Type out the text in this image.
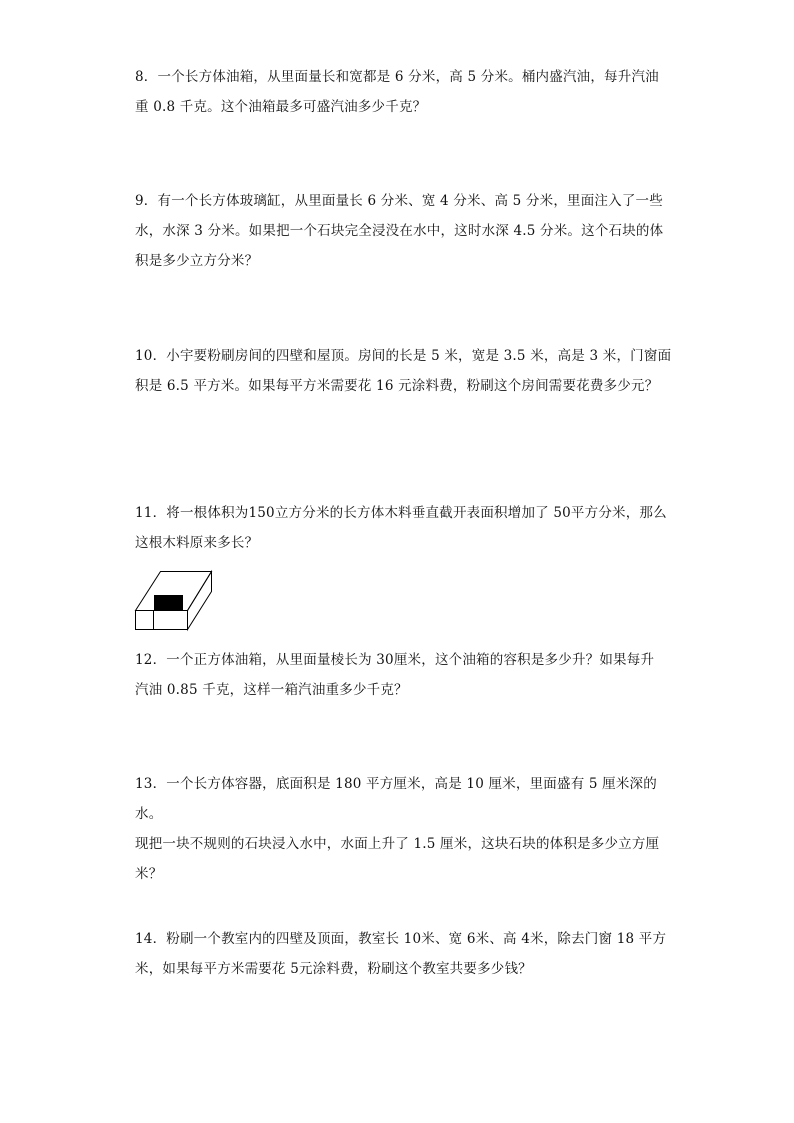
8．一个长方体油箱，从里面量长和宽都是 6 分米，高 5 分米。桶内盛汽油，每升汽油

重 0.8 千克。这个油箱最多可盛汽油多少千克？

9．有一个长方体玻璃缸，从里面量长 6 分米、宽 4 分米、高 5 分米，里面注入了一些

水，水深 3 分米。如果把一个石块完全浸没在水中，这时水深 4.5 分米。这个石块的体

积是多少立方分米？

10．小宇要粉刷房间的四壁和屋顶。房间的长是 5 米，宽是 3.5 米，高是 3 米，门窗面

积是 6.5 平方米。如果每平方米需要花 16 元涂料费，粉刷这个房间需要花费多少元？

11．将一根体积为150立方分米的长方体木料垂直截开表面积增加了 50平方分米，那么

这根木料原来多长？

12．一个正方体油箱，从里面量棱长为 30厘米，这个油箱的容积是多少升？如果每升

汽油 0.85 千克，这样一箱汽油重多少千克？

13．一个长方体容器，底面积是 180 平方厘米，高是 10 厘米，里面盛有 5 厘米深的水。

现把一块不规则的石块浸入水中，水面上升了 1.5 厘米，这块石块的体积是多少立方厘

米？

14．粉刷一个教室内的四壁及顶面，教室长 10米、宽 6米、高 4米，除去门窗 18 平方

米，如果每平方米需要花 5元涂料费，粉刷这个教室共要多少钱？
